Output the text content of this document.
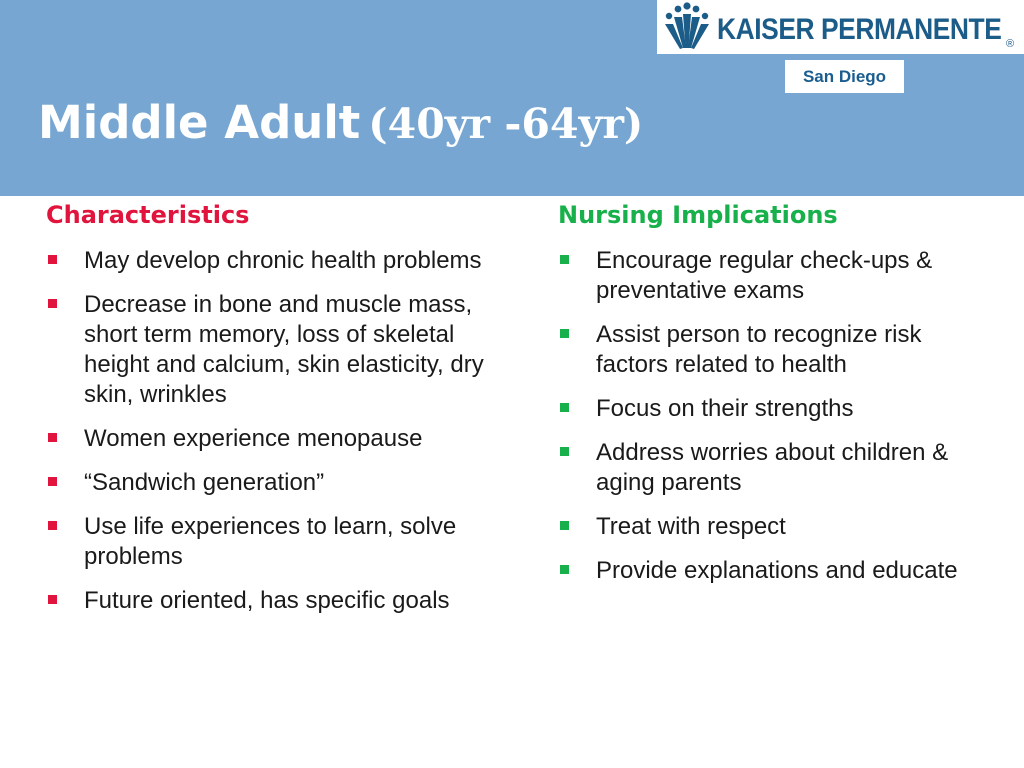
KAISER PERMANENTE ®
San Diego
Middle Adult (40yr -64yr)
Characteristics
May develop chronic health problems
Decrease in bone and muscle mass, short term memory, loss of skeletal height and calcium, skin elasticity, dry skin, wrinkles
Women experience menopause
“Sandwich generation”
Use life experiences to learn, solve problems
Future oriented, has specific goals
Nursing Implications
Encourage regular check-ups & preventative exams
Assist person to recognize risk factors related to health
Focus on their strengths
Address worries about children & aging parents
Treat with respect
Provide explanations and educate
